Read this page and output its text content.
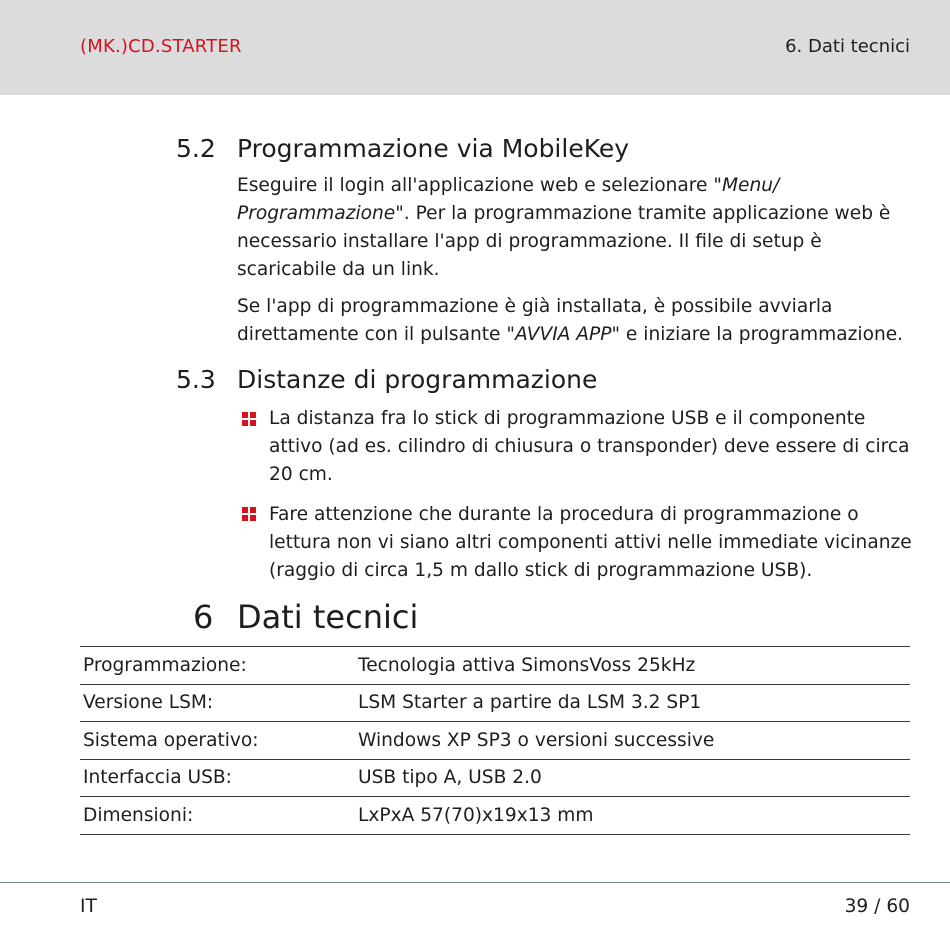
(MK.)CD.STARTER	6. Dati tecnici
5.2 Programmazione via MobileKey
Eseguire il login all'applicazione web e selezionare "Menu/ Programmazione". Per la programmazione tramite applicazione web è necessario installare l'app di programmazione. Il file di setup è scaricabile da un link.
Se l'app di programmazione è già installata, è possibile avviarla direttamente con il pulsante "AVVIA APP" e iniziare la programmazione.
5.3 Distanze di programmazione
La distanza fra lo stick di programmazione USB e il componente attivo (ad es. cilindro di chiusura o transponder) deve essere di circa 20 cm.
Fare attenzione che durante la procedura di programmazione o lettura non vi siano altri componenti attivi nelle immediate vicinanze (raggio di circa 1,5 m dallo stick di programmazione USB).
6 Dati tecnici
Programmazione:	Tecnologia attiva SimonsVoss 25kHz
Versione LSM:	LSM Starter a partire da LSM 3.2 SP1
Sistema operativo:	Windows XP SP3 o versioni successive
Interfaccia USB:	USB tipo A, USB 2.0
Dimensioni:	LxPxA 57(70)x19x13 mm
IT	39 / 60
